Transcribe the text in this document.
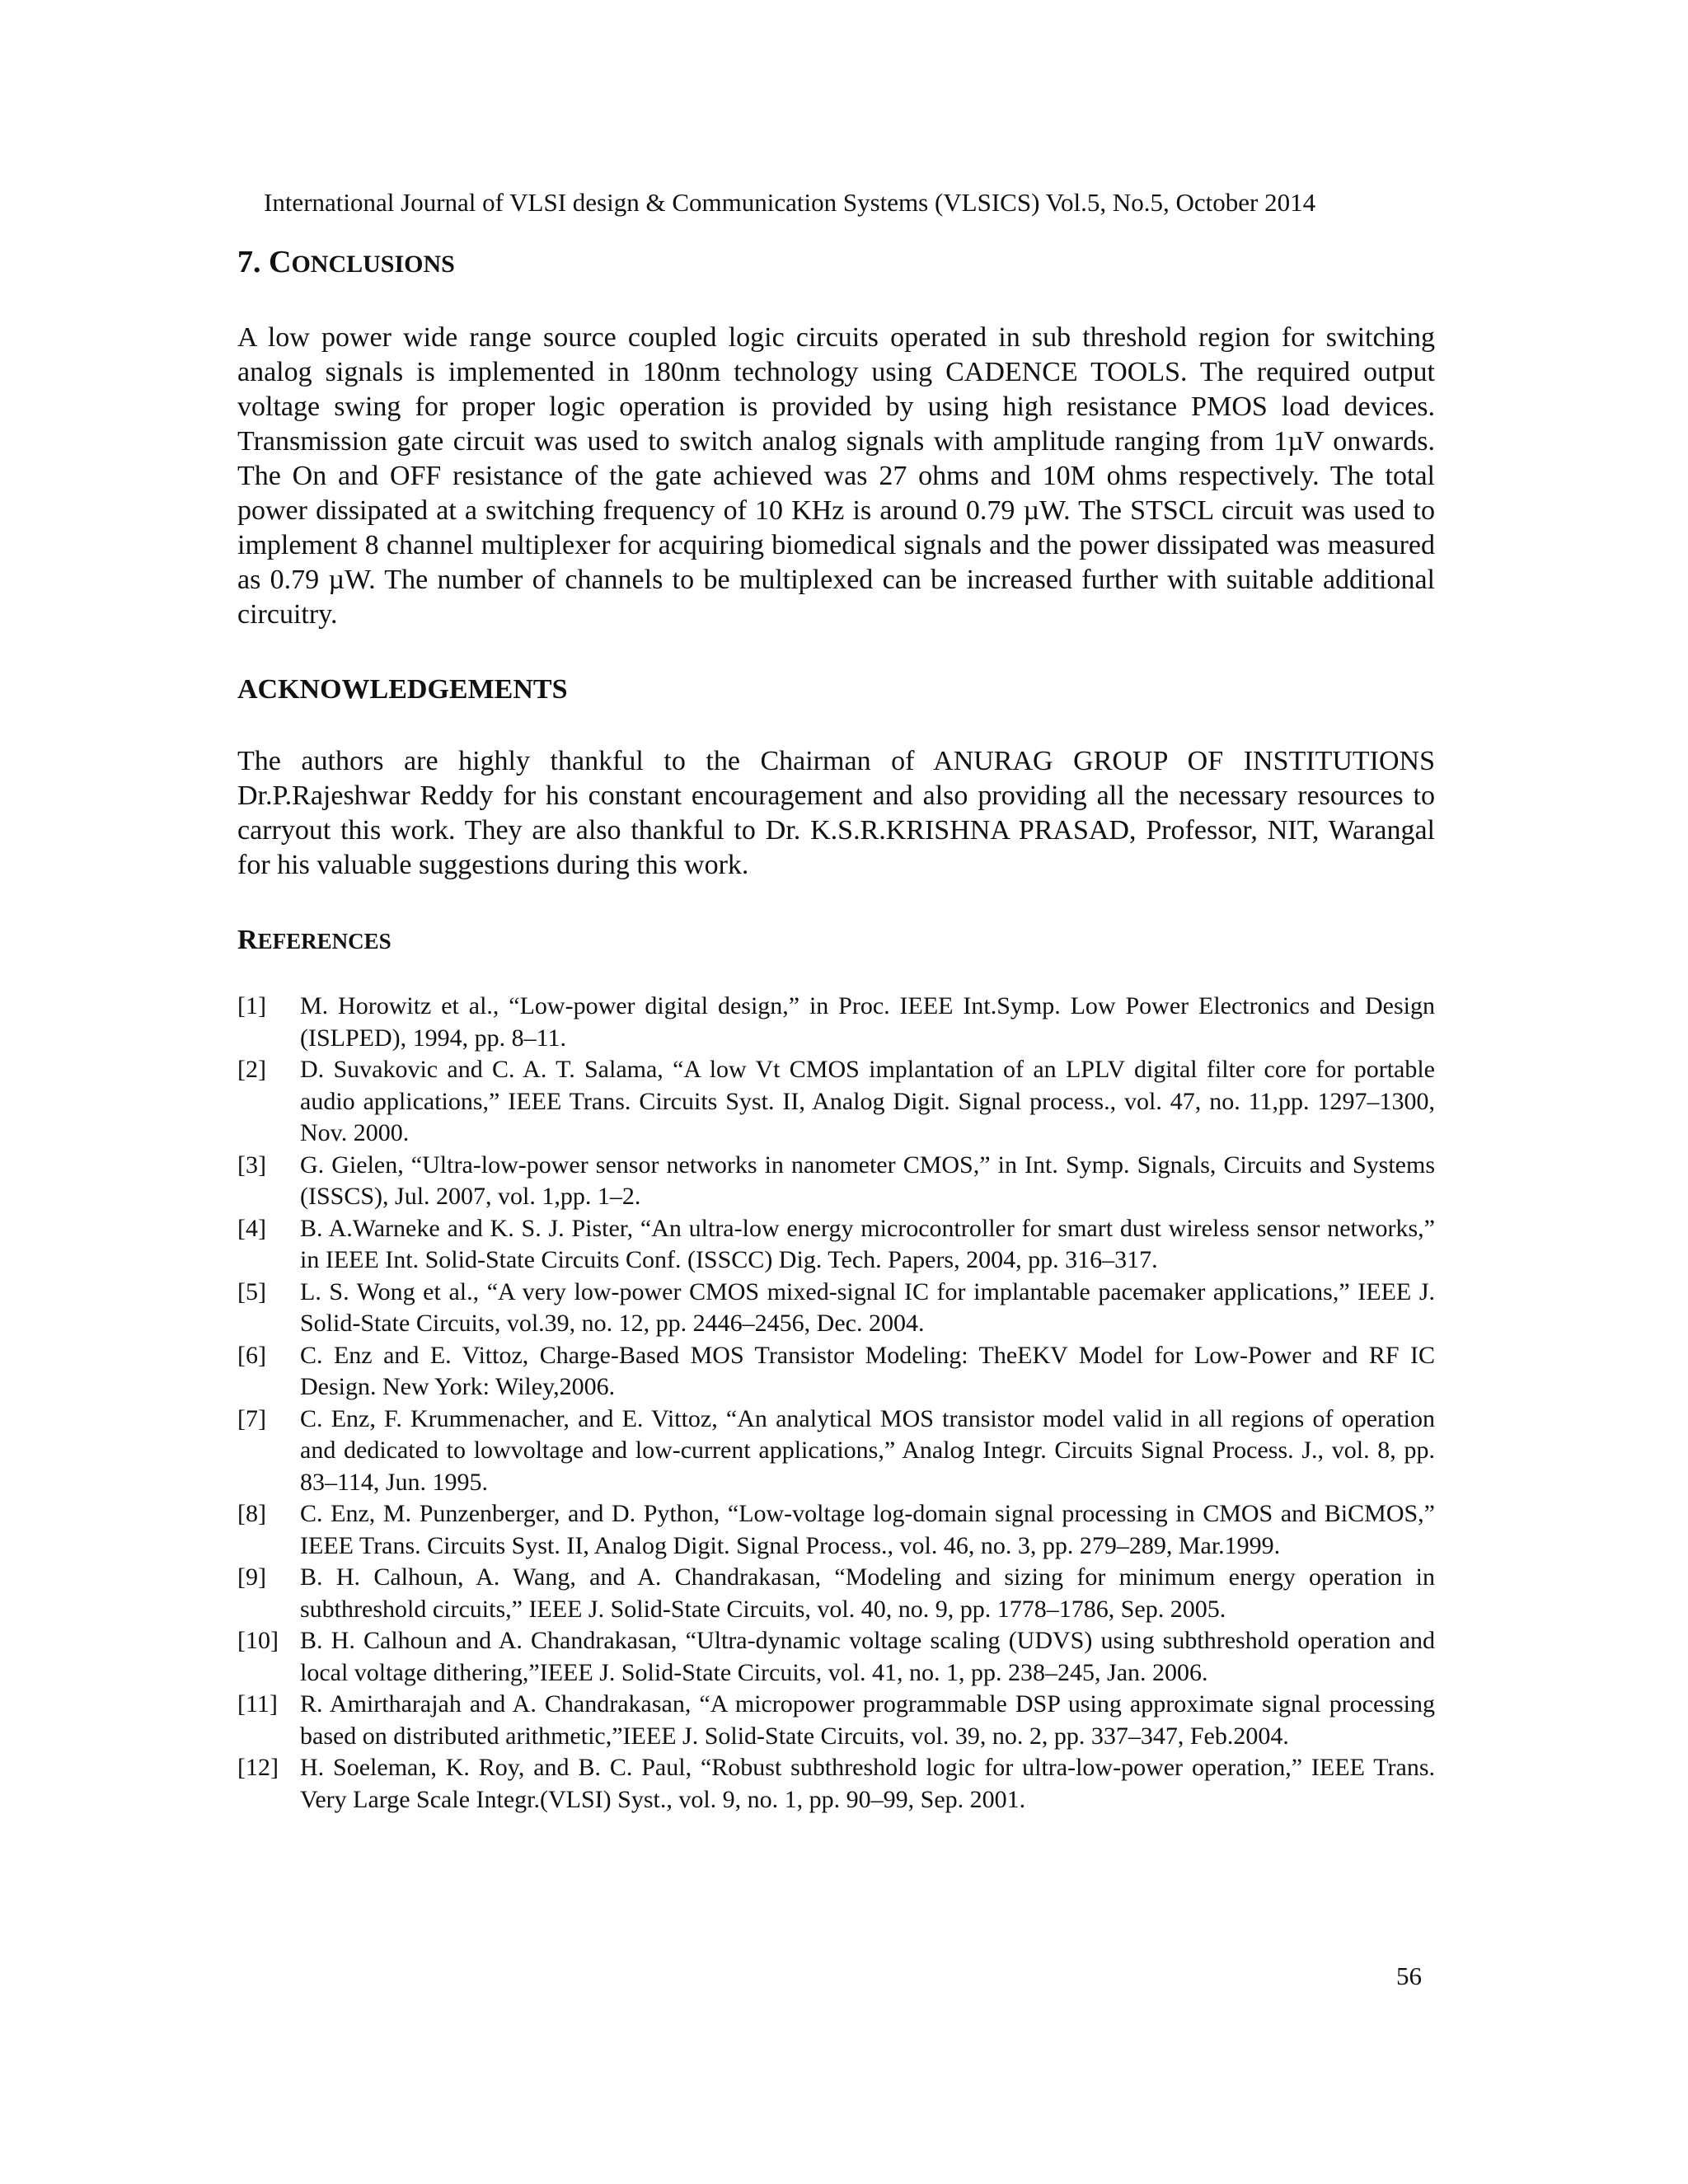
International Journal of VLSI design & Communication Systems (VLSICS) Vol.5, No.5, October 2014
7. CONCLUSIONS

A low power wide range source coupled logic circuits operated in sub threshold region for switching analog signals is implemented in 180nm technology using CADENCE TOOLS. The required output voltage swing for proper logic operation is provided by using high resistance PMOS load devices. Transmission gate circuit was used to switch analog signals with amplitude ranging from 1µV onwards. The On and OFF resistance of the gate achieved was 27 ohms and 10M ohms respectively. The total power dissipated at a switching frequency of 10 KHz is around 0.79 µW. The STSCL circuit was used to implement 8 channel multiplexer for acquiring biomedical signals and the power dissipated was measured as 0.79 µW. The number of channels to be multiplexed can be increased further with suitable additional circuitry.

ACKNOWLEDGEMENTS

The authors are highly thankful to the Chairman of ANURAG GROUP OF INSTITUTIONS Dr.P.Rajeshwar Reddy for his constant encouragement and also providing all the necessary resources to carryout this work. They are also thankful to Dr. K.S.R.KRISHNA PRASAD, Professor, NIT, Warangal for his valuable suggestions during this work.

REFERENCES
[1]	M. Horowitz et al., “Low-power digital design,” in Proc. IEEE Int.Symp. Low Power Electronics and Design (ISLPED), 1994, pp. 8–11.
[2]	D. Suvakovic and C. A. T. Salama, “A low Vt CMOS implantation of an LPLV digital filter core for portable audio applications,” IEEE Trans. Circuits Syst. II, Analog Digit. Signal process., vol. 47, no. 11,pp. 1297–1300, Nov. 2000.
[3]	G. Gielen, “Ultra-low-power sensor networks in nanometer CMOS,” in Int. Symp. Signals, Circuits and Systems (ISSCS), Jul. 2007, vol. 1,pp. 1–2.
[4]	B. A.Warneke and K. S. J. Pister, “An ultra-low energy microcontroller for smart dust wireless sensor networks,” in IEEE Int. Solid-State Circuits Conf. (ISSCC) Dig. Tech. Papers, 2004, pp. 316–317.
[5]	L. S. Wong et al., “A very low-power CMOS mixed-signal IC for implantable pacemaker applications,” IEEE J. Solid-State Circuits, vol.39, no. 12, pp. 2446–2456, Dec. 2004.
[6]	C. Enz and E. Vittoz, Charge-Based MOS Transistor Modeling: TheEKV Model for Low-Power and RF IC Design. New York: Wiley,2006.
[7]	C. Enz, F. Krummenacher, and E. Vittoz, “An analytical MOS transistor model valid in all regions of operation and dedicated to lowvoltage and low-current applications,” Analog Integr. Circuits Signal Process. J., vol. 8, pp. 83–114, Jun. 1995.
[8]	C. Enz, M. Punzenberger, and D. Python, “Low-voltage log-domain signal processing in CMOS and BiCMOS,” IEEE Trans. Circuits Syst. II, Analog Digit. Signal Process., vol. 46, no. 3, pp. 279–289, Mar.1999.
[9]	B. H. Calhoun, A. Wang, and A. Chandrakasan, “Modeling and sizing for minimum energy operation in subthreshold circuits,” IEEE J. Solid-State Circuits, vol. 40, no. 9, pp. 1778–1786, Sep. 2005.
[10] B. H. Calhoun and A. Chandrakasan, “Ultra-dynamic voltage scaling (UDVS) using subthreshold operation and local voltage dithering,”IEEE J. Solid-State Circuits, vol. 41, no. 1, pp. 238–245, Jan. 2006.
[11] R. Amirtharajah and A. Chandrakasan, “A micropower programmable DSP using approximate signal processing based on distributed arithmetic,”IEEE J. Solid-State Circuits, vol. 39, no. 2, pp. 337–347, Feb.2004.
[12] H. Soeleman, K. Roy, and B. C. Paul, “Robust subthreshold logic for ultra-low-power operation,” IEEE Trans. Very Large Scale Integr.(VLSI) Syst., vol. 9, no. 1, pp. 90–99, Sep. 2001.
56
